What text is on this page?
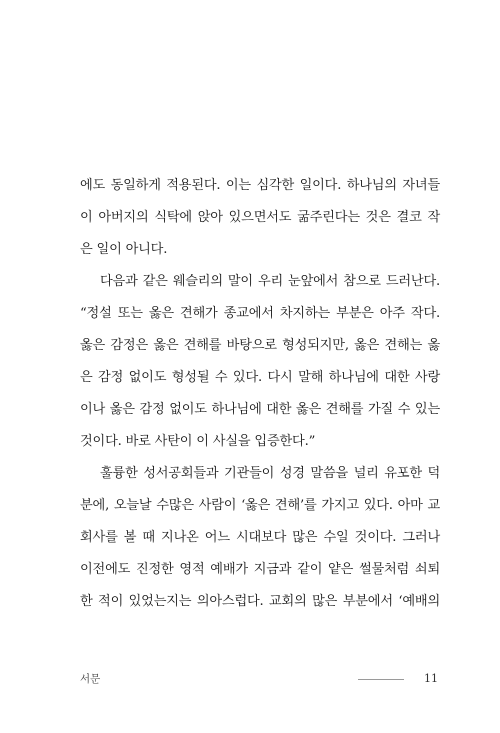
에도 동일하게 적용된다. 이는 심각한 일이다. 하나님의 자녀들
이 아버지의 식탁에 앉아 있으면서도 굶주린다는 것은 결코 작
은 일이 아니다.
다음과 같은 웨슬리의 말이 우리 눈앞에서 참으로 드러난다.
“정설 또는 옳은 견해가 종교에서 차지하는 부분은 아주 작다.
옳은 감정은 옳은 견해를 바탕으로 형성되지만, 옳은 견해는 옳
은 감정 없이도 형성될 수 있다. 다시 말해 하나님에 대한 사랑
이나 옳은 감정 없이도 하나님에 대한 옳은 견해를 가질 수 있는
것이다. 바로 사탄이 이 사실을 입증한다.”
훌륭한 성서공회들과 기관들이 성경 말씀을 널리 유포한 덕
분에, 오늘날 수많은 사람이 ‘옳은 견해’를 가지고 있다. 아마 교
회사를 볼 때 지나온 어느 시대보다 많은 수일 것이다. 그러나
이전에도 진정한 영적 예배가 지금과 같이 얕은 썰물처럼 쇠퇴
한 적이 있었는지는 의아스럽다. 교회의 많은 부분에서 ‘예배의
서문	11
